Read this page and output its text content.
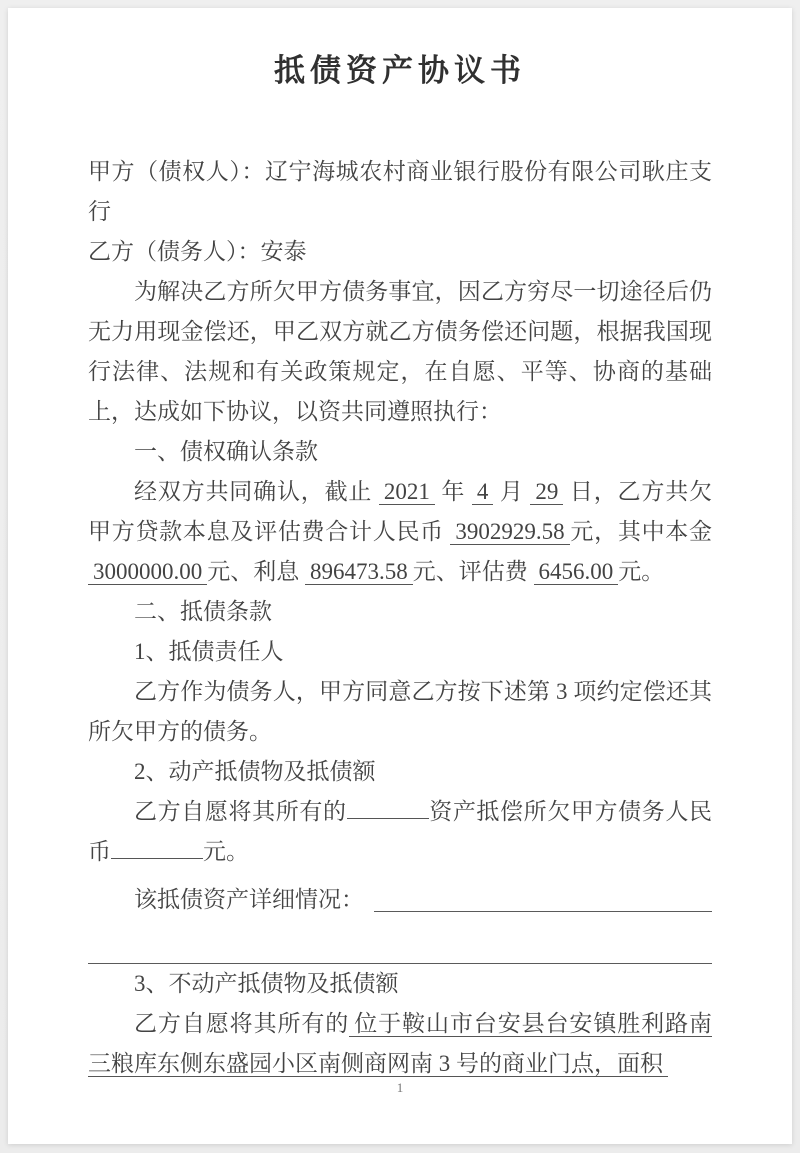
抵债资产协议书

甲方（债权人）：辽宁海城农村商业银行股份有限公司耿庄支行

乙方（债务人）：安泰

为解决乙方所欠甲方债务事宜，因乙方穷尽一切途径后仍无力用现金偿还，甲乙双方就乙方债务偿还问题，根据我国现行法律、法规和有关政策规定，在自愿、平等、协商的基础上，达成如下协议，以资共同遵照执行：

一、债权确认条款

经双方共同确认，截止 2021 年 4 月 29 日，乙方共欠甲方贷款本息及评估费合计人民币 3902929.58 元，其中本金 3000000.00 元、利息 896473.58 元、评估费 6456.00 元。

二、抵债条款

1、抵债责任人

乙方作为债务人，甲方同意乙方按下述第 3 项约定偿还其所欠甲方的债务。

2、动产抵债物及抵债额

乙方自愿将其所有的	资产抵偿所欠甲方债务人民币	元。

该抵债资产详细情况：

3、不动产抵债物及抵债额

乙方自愿将其所有的 位于鞍山市台安县台安镇胜利路南三粮库东侧东盛园小区南侧商网南 3 号的商业门点，面积

1
